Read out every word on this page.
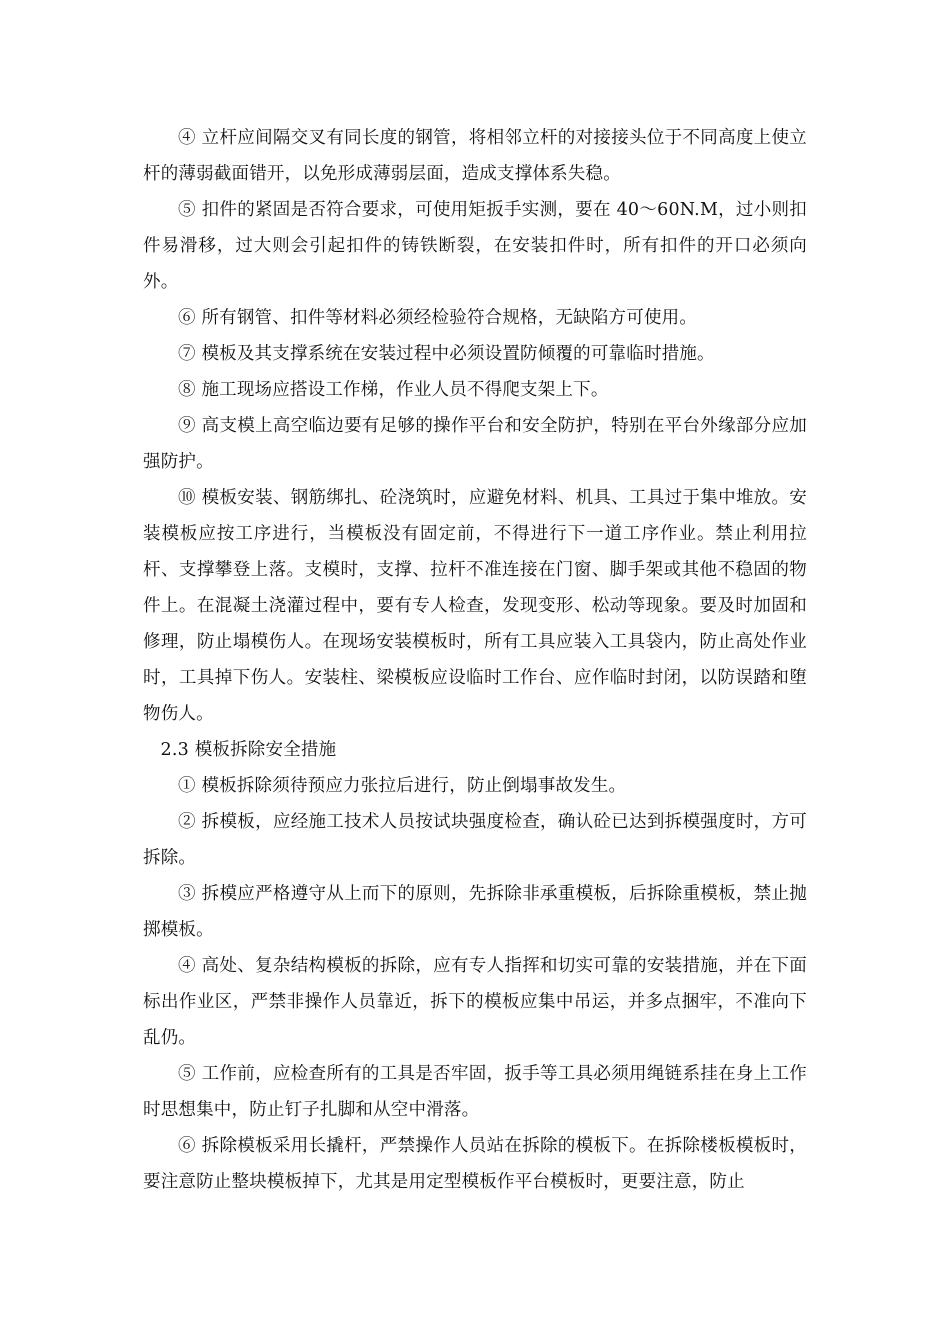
④ 立杆应间隔交叉有同长度的钢管，将相邻立杆的对接接头位于不同高度上使立杆的薄弱截面错开，以免形成薄弱层面，造成支撑体系失稳。

⑤ 扣件的紧固是否符合要求，可使用矩扳手实测，要在 40～60N.M，过小则扣件易滑移，过大则会引起扣件的铸铁断裂，在安装扣件时，所有扣件的开口必须向外。

⑥ 所有钢管、扣件等材料必须经检验符合规格，无缺陷方可使用。

⑦ 模板及其支撑系统在安装过程中必须设置防倾覆的可靠临时措施。

⑧ 施工现场应搭设工作梯，作业人员不得爬支架上下。

⑨ 高支模上高空临边要有足够的操作平台和安全防护，特别在平台外缘部分应加强防护。

⑩ 模板安装、钢筋绑扎、砼浇筑时，应避免材料、机具、工具过于集中堆放。安装模板应按工序进行，当模板没有固定前，不得进行下一道工序作业。禁止利用拉杆、支撑攀登上落。支模时，支撑、拉杆不准连接在门窗、脚手架或其他不稳固的物件上。在混凝土浇灌过程中，要有专人检查，发现变形、松动等现象。要及时加固和修理，防止塌模伤人。在现场安装模板时，所有工具应装入工具袋内，防止高处作业时，工具掉下伤人。安装柱、梁模板应设临时工作台、应作临时封闭，以防误踏和堕物伤人。

2.3 模板拆除安全措施

① 模板拆除须待预应力张拉后进行，防止倒塌事故发生。

② 拆模板，应经施工技术人员按试块强度检查，确认砼已达到拆模强度时，方可拆除。

③ 拆模应严格遵守从上而下的原则，先拆除非承重模板，后拆除重模板，禁止抛掷模板。

④ 高处、复杂结构模板的拆除，应有专人指挥和切实可靠的安装措施，并在下面标出作业区，严禁非操作人员靠近，拆下的模板应集中吊运，并多点捆牢，不准向下乱仍。

⑤ 工作前，应检查所有的工具是否牢固，扳手等工具必须用绳链系挂在身上工作时思想集中，防止钉子扎脚和从空中滑落。

⑥ 拆除模板采用长撬杆，严禁操作人员站在拆除的模板下。在拆除楼板模板时，要注意防止整块模板掉下，尤其是用定型模板作平台模板时，更要注意，防止
